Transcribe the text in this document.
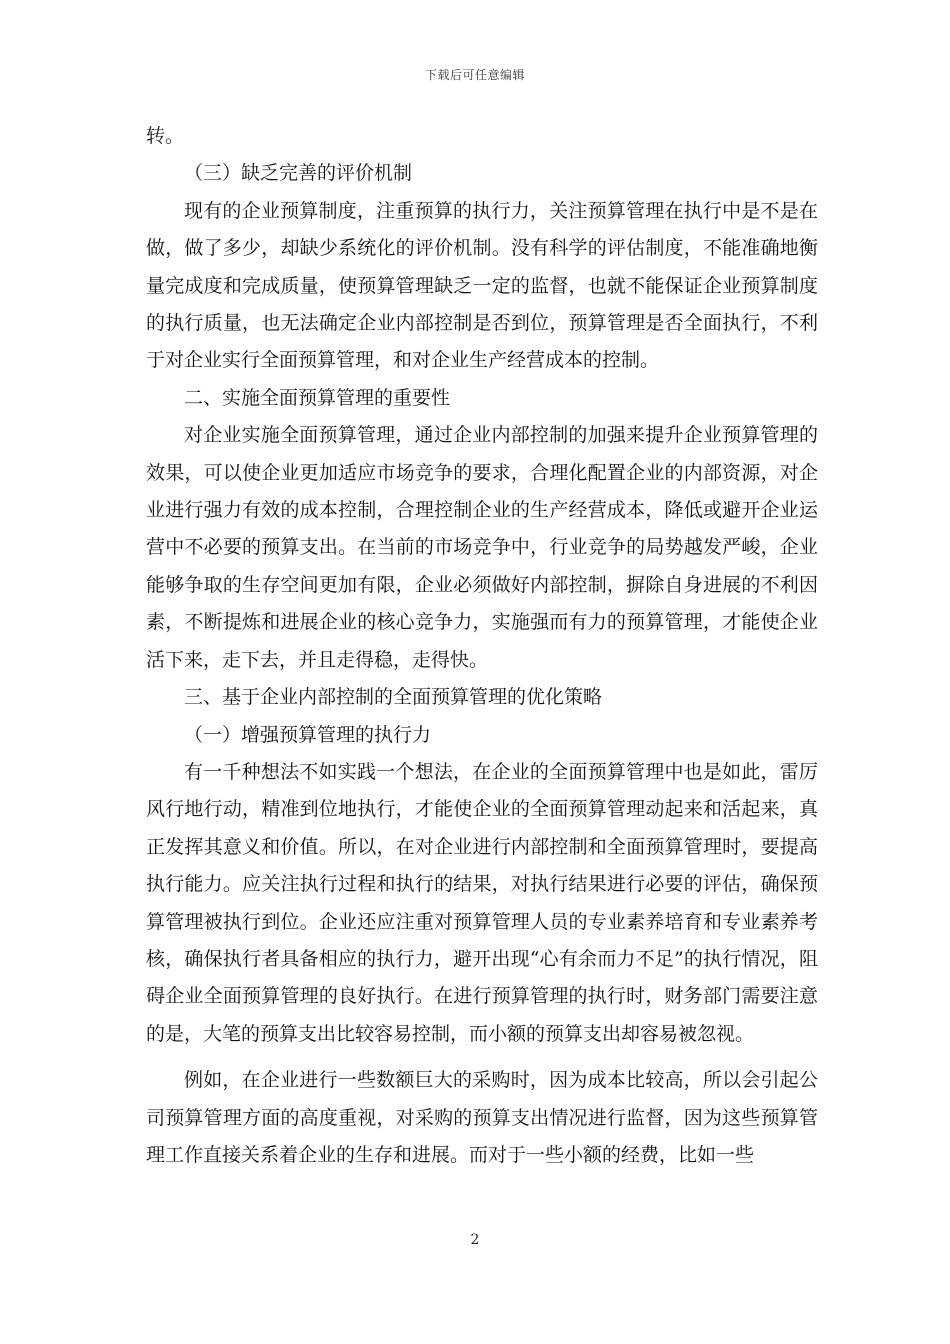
下载后可任意编辑

转。

（三）缺乏完善的评价机制

现有的企业预算制度，注重预算的执行力，关注预算管理在执行中是不是在做，做了多少，却缺少系统化的评价机制。没有科学的评估制度，不能准确地衡量完成度和完成质量，使预算管理缺乏一定的监督，也就不能保证企业预算制度的执行质量，也无法确定企业内部控制是否到位，预算管理是否全面执行，不利于对企业实行全面预算管理，和对企业生产经营成本的控制。

二、实施全面预算管理的重要性

对企业实施全面预算管理，通过企业内部控制的加强来提升企业预算管理的效果，可以使企业更加适应市场竞争的要求，合理化配置企业的内部资源，对企业进行强力有效的成本控制，合理控制企业的生产经营成本，降低或避开企业运营中不必要的预算支出。在当前的市场竞争中，行业竞争的局势越发严峻，企业能够争取的生存空间更加有限，企业必须做好内部控制，摒除自身进展的不利因素，不断提炼和进展企业的核心竞争力，实施强而有力的预算管理，才能使企业活下来，走下去，并且走得稳，走得快。

三、基于企业内部控制的全面预算管理的优化策略

（一）增强预算管理的执行力

有一千种想法不如实践一个想法，在企业的全面预算管理中也是如此，雷厉风行地行动，精准到位地执行，才能使企业的全面预算管理动起来和活起来，真正发挥其意义和价值。所以，在对企业进行内部控制和全面预算管理时，要提高执行能力。应关注执行过程和执行的结果，对执行结果进行必要的评估，确保预算管理被执行到位。企业还应注重对预算管理人员的专业素养培育和专业素养考核，确保执行者具备相应的执行力，避开出现“心有余而力不足”的执行情况，阻碍企业全面预算管理的良好执行。在进行预算管理的执行时，财务部门需要注意的是，大笔的预算支出比较容易控制，而小额的预算支出却容易被忽视。

例如，在企业进行一些数额巨大的采购时，因为成本比较高，所以会引起公司预算管理方面的高度重视，对采购的预算支出情况进行监督，因为这些预算管理工作直接关系着企业的生存和进展。而对于一些小额的经费，比如一些

2
